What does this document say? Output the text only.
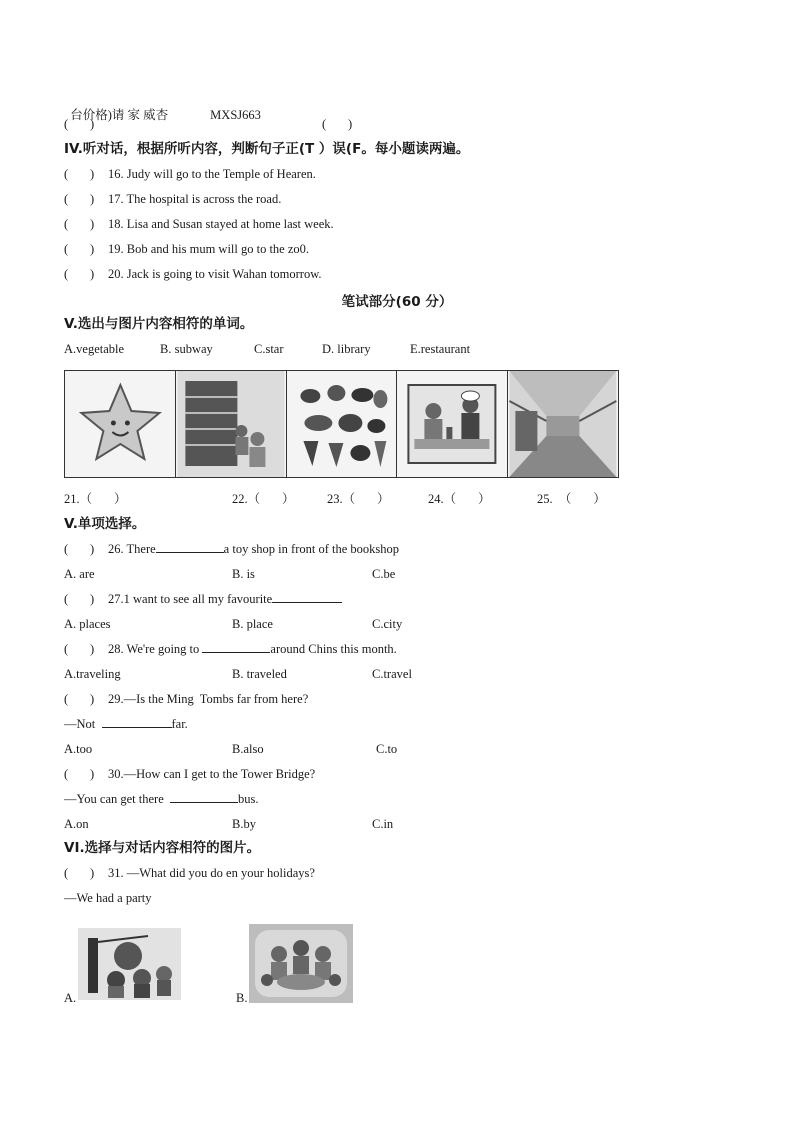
台价格)请 家 威杏	MXSJ663

(       )	(       )
IV.听对话，根据所听内容，判断句子正(T ）误(F。每小题读两遍。
(       ) 16. Judy will go to the Temple of Hearen.
(       ) 17. The hospital is across the road.
(       ) 18. Lisa and Susan stayed at home last week.
(       ) 19. Bob and his mum will go to the zo0.
(       ) 20. Jack is going to visit Wahan tomorrow.
笔试部分(60 分）
V.选出与图片内容相符的单词。
A.vegetable	B. subway	C.star	D. library	E.restaurant
21.（       ）	22.（       ）	23.（       ）	24.（       ）	25.  （       ）
V.单项选择。
(       ) 26. There	a toy shop in front of the bookshop
A. are	B. is	C.be
(       ) 27.1 want to see all my favourite
A. places	B. place	C.city
(       ) 28. We're going to	around Chins this month.
A.traveling	B. traveled	C.travel
(       ) 29.—Is the Ming  Tombs far from here?
—Not	far.
A.too	B.also	C.to
(       ) 30.—How can I get to the Tower Bridge?
—You can get there	bus.
A.on	B.by	C.in
VI.选择与对话内容相符的图片。
(       ) 31. —What did you do en your holidays?
—We had a party
A.	B.
